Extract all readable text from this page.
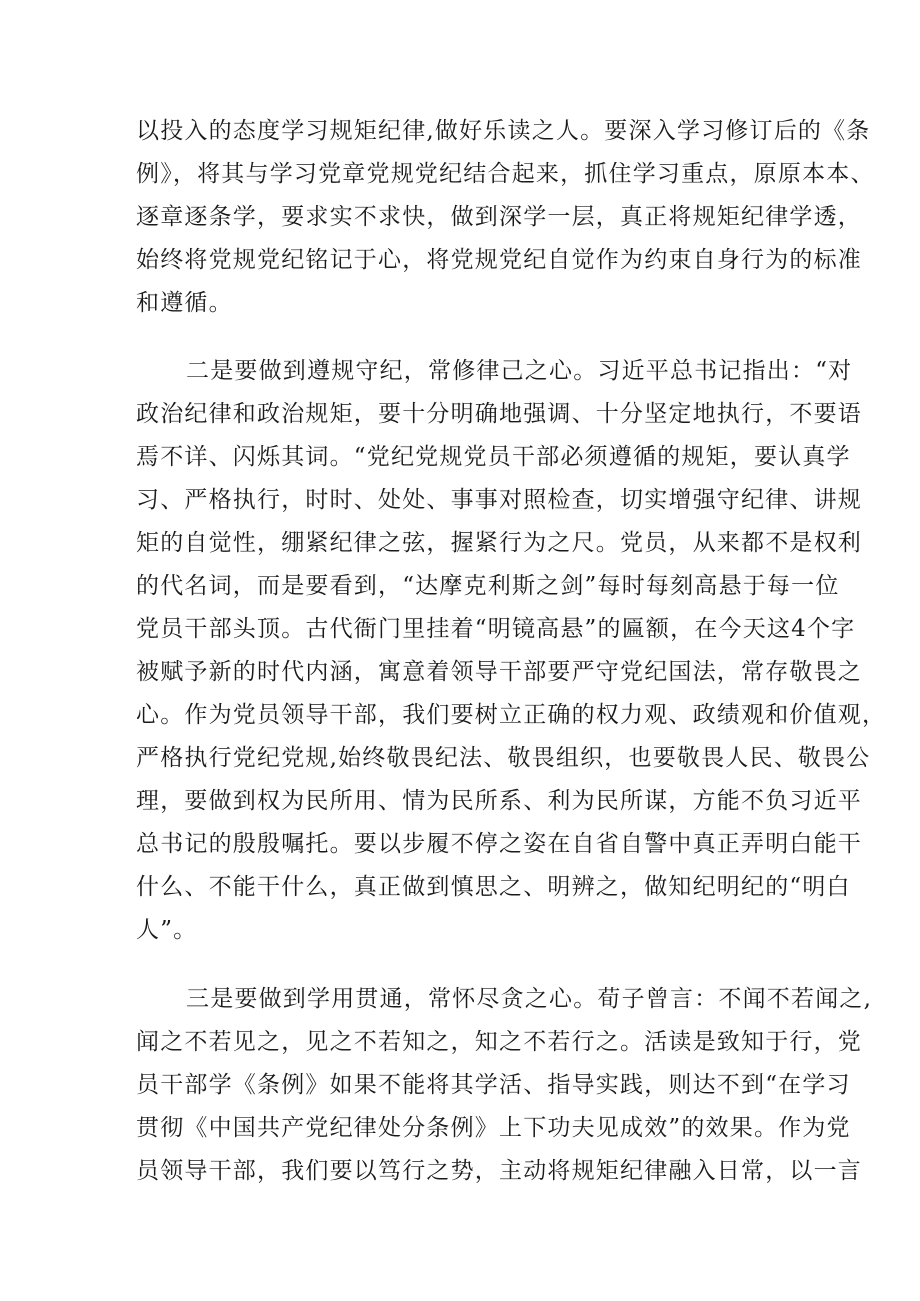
以投入的态度学习规矩纪律,做好乐读之人。要深入学习修订后的《条
例》，将其与学习党章党规党纪结合起来，抓住学习重点，原原本本、
逐章逐条学，要求实不求快，做到深学一层，真正将规矩纪律学透，
始终将党规党纪铭记于心，将党规党纪自觉作为约束自身行为的标准
和遵循。
二是要做到遵规守纪，常修律己之心。习近平总书记指出：“对
政治纪律和政治规矩，要十分明确地强调、十分坚定地执行，不要语
焉不详、闪烁其词。“党纪党规党员干部必须遵循的规矩，要认真学
习、严格执行，时时、处处、事事对照检查，切实增强守纪律、讲规
矩的自觉性，绷紧纪律之弦，握紧行为之尺。党员，从来都不是权利
的代名词，而是要看到，“达摩克利斯之剑”每时每刻高悬于每一位
党员干部头顶。古代衙门里挂着“明镜高悬”的匾额，在今天这4个字
被赋予新的时代内涵，寓意着领导干部要严守党纪国法，常存敬畏之
心。作为党员领导干部，我们要树立正确的权力观、政绩观和价值观，
严格执行党纪党规,始终敬畏纪法、敬畏组织，也要敬畏人民、敬畏公
理，要做到权为民所用、情为民所系、利为民所谋，方能不负习近平
总书记的殷殷嘱托。要以步履不停之姿在自省自警中真正弄明白能干
什么、不能干什么，真正做到慎思之、明辨之，做知纪明纪的“明白
人”。
三是要做到学用贯通，常怀尽贪之心。荀子曾言：不闻不若闻之,
闻之不若见之，见之不若知之，知之不若行之。活读是致知于行，党
员干部学《条例》如果不能将其学活、指导实践，则达不到“在学习
贯彻《中国共产党纪律处分条例》上下功夫见成效”的效果。作为党
员领导干部，我们要以笃行之势，主动将规矩纪律融入日常，以一言
